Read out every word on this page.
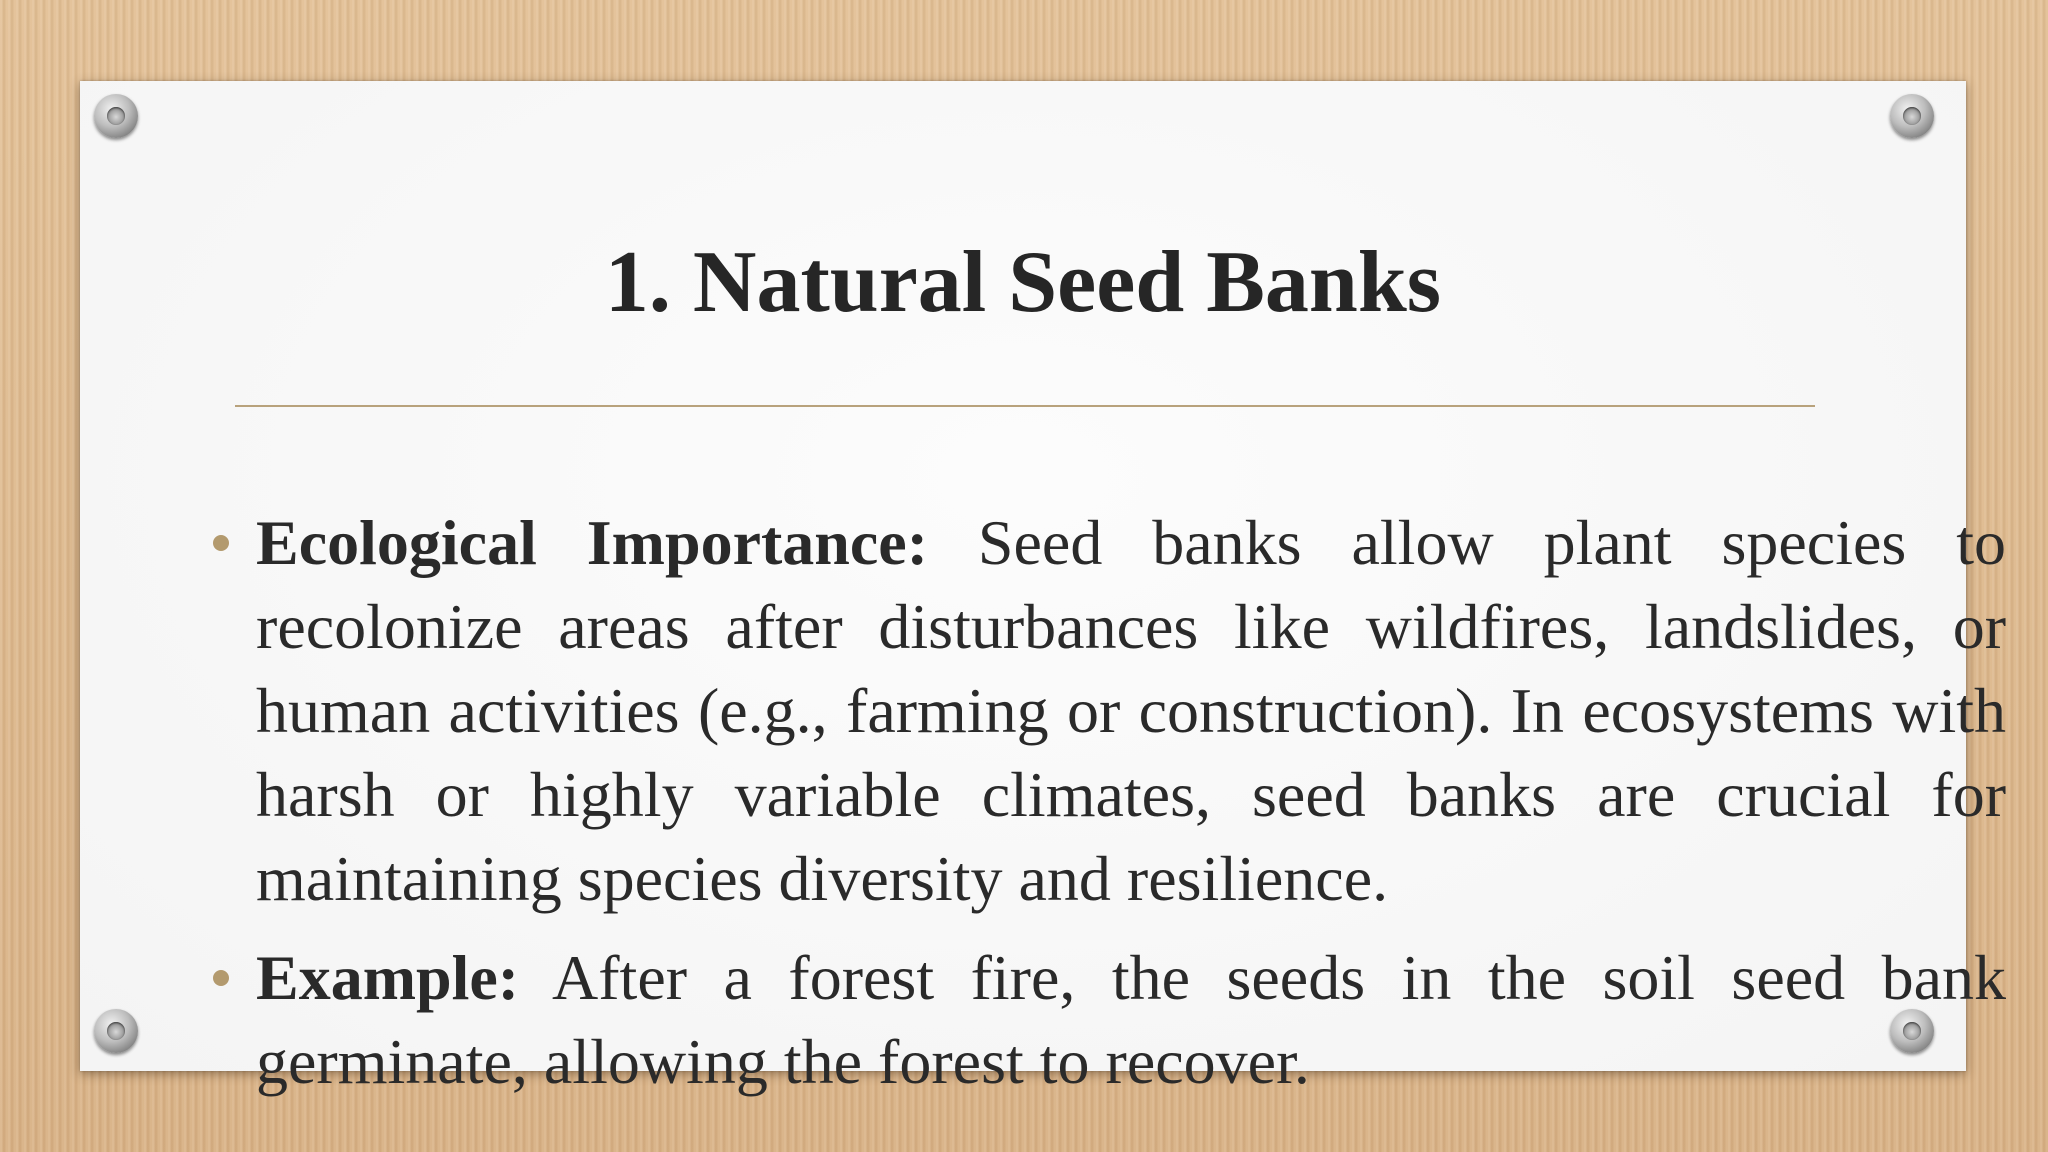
1. Natural Seed Banks
Ecological Importance: Seed banks allow plant species to recolonize areas after disturbances like wildfires, landslides, or human activities (e.g., farming or construction). In ecosystems with harsh or highly variable climates, seed banks are crucial for maintaining species diversity and resilience.
Example: After a forest fire, the seeds in the soil seed bank germinate, allowing the forest to recover.
